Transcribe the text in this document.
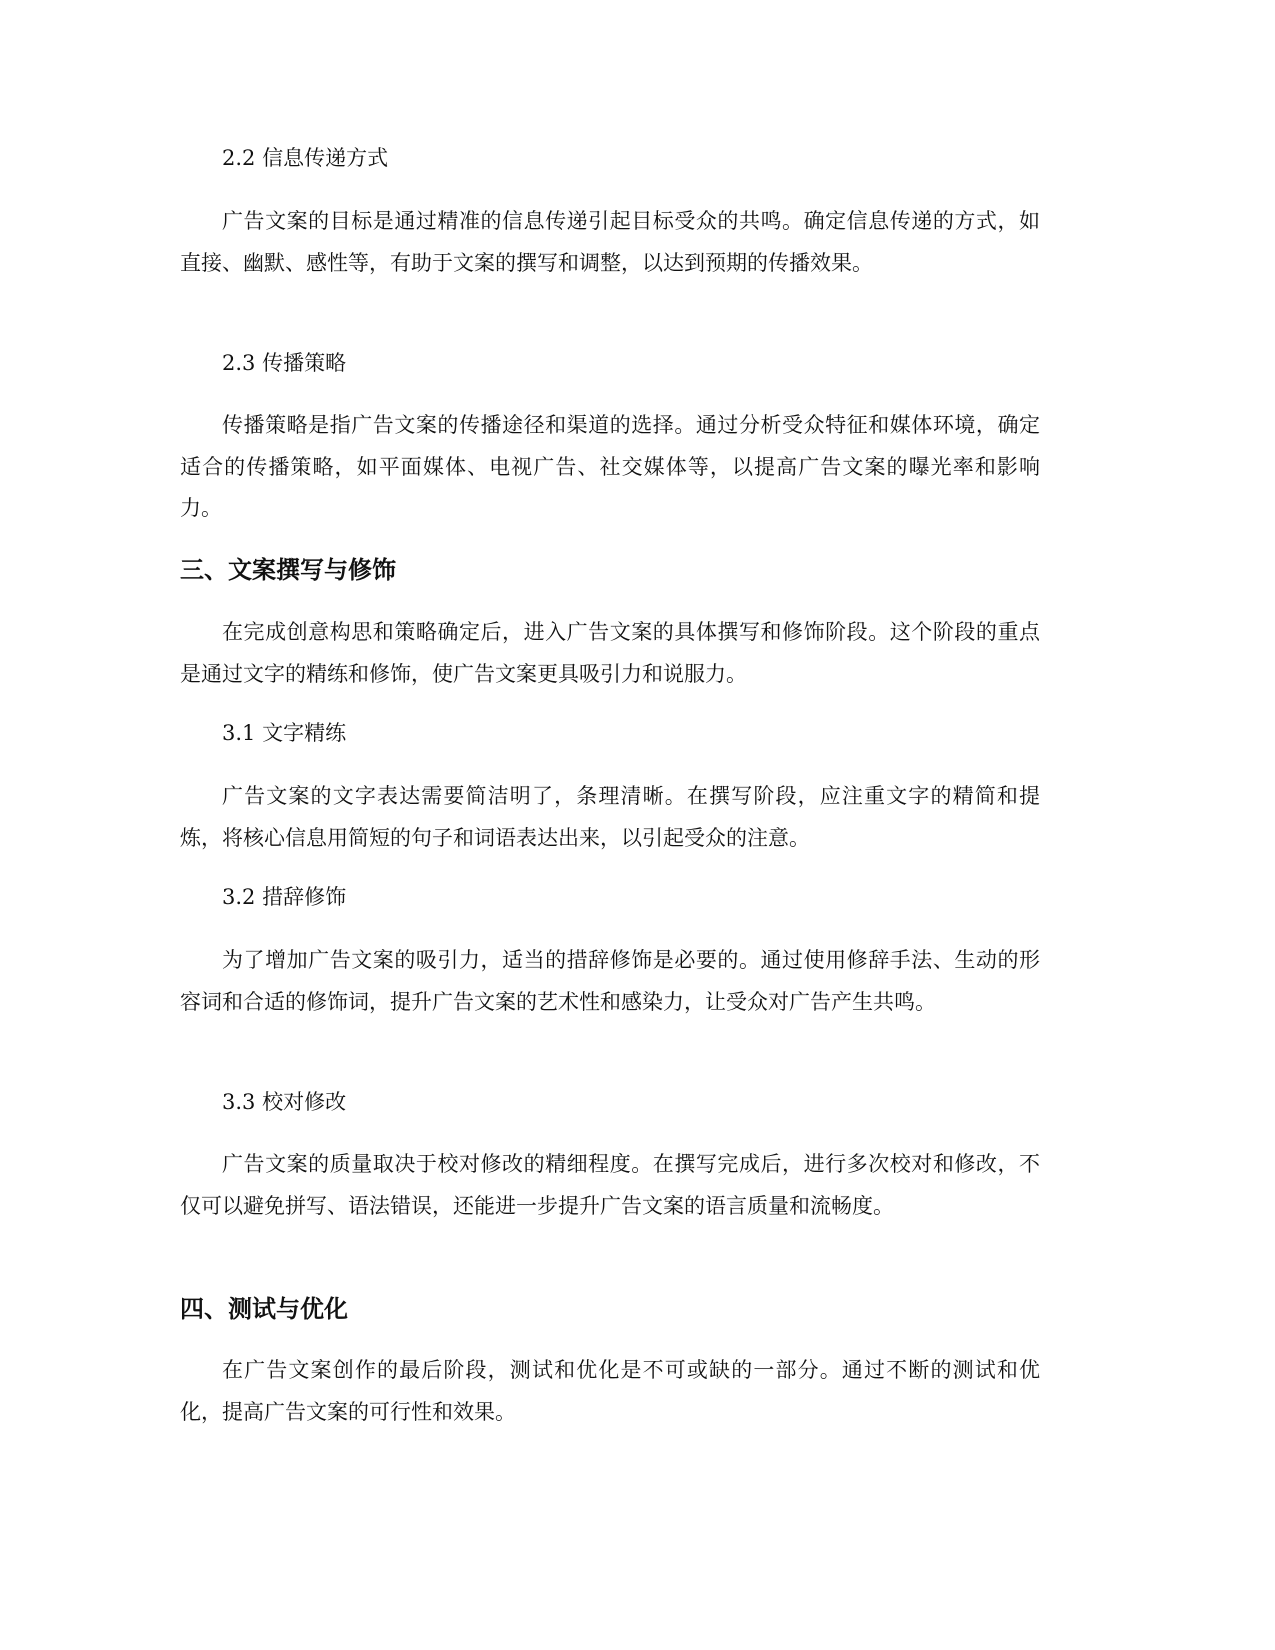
2.2 信息传递方式

广告文案的目标是通过精准的信息传递引起目标受众的共鸣。确定信息传递的方式，如直接、幽默、感性等，有助于文案的撰写和调整，以达到预期的传播效果。

2.3 传播策略

传播策略是指广告文案的传播途径和渠道的选择。通过分析受众特征和媒体环境，确定适合的传播策略，如平面媒体、电视广告、社交媒体等，以提高广告文案的曝光率和影响力。

三、文案撰写与修饰

在完成创意构思和策略确定后，进入广告文案的具体撰写和修饰阶段。这个阶段的重点是通过文字的精练和修饰，使广告文案更具吸引力和说服力。

3.1 文字精练

广告文案的文字表达需要简洁明了，条理清晰。在撰写阶段，应注重文字的精简和提炼，将核心信息用简短的句子和词语表达出来，以引起受众的注意。

3.2 措辞修饰

为了增加广告文案的吸引力，适当的措辞修饰是必要的。通过使用修辞手法、生动的形容词和合适的修饰词，提升广告文案的艺术性和感染力，让受众对广告产生共鸣。

3.3 校对修改

广告文案的质量取决于校对修改的精细程度。在撰写完成后，进行多次校对和修改，不仅可以避免拼写、语法错误，还能进一步提升广告文案的语言质量和流畅度。

四、测试与优化

在广告文案创作的最后阶段，测试和优化是不可或缺的一部分。通过不断的测试和优化，提高广告文案的可行性和效果。
